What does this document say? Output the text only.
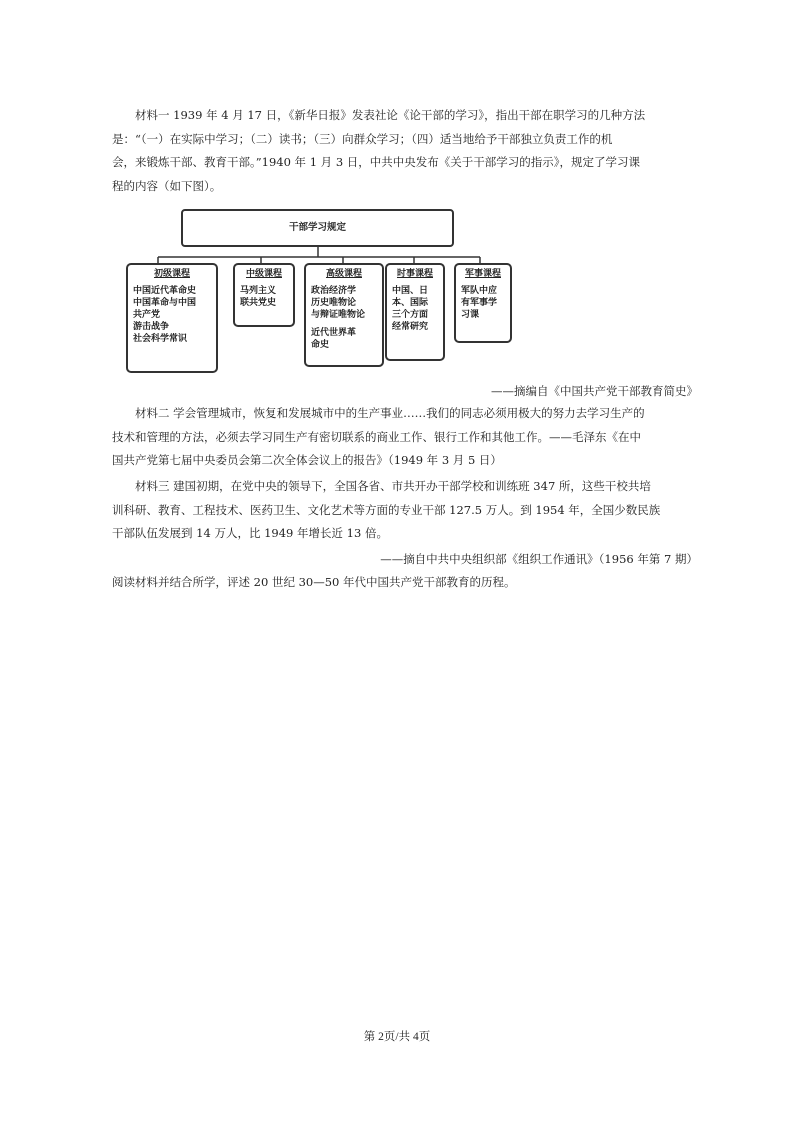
材料一 1939 年 4 月 17 日，《新华日报》发表社论《论干部的学习》，指出干部在职学习的几种方法
是：“（一）在实际中学习；（二）读书；（三）向群众学习；（四）适当地给予干部独立负责工作的机
会，来锻炼干部、教育干部。”1940 年 1 月 3 日，中共中央发布《关于干部学习的指示》，规定了学习课
程的内容（如下图）。
干部学习规定
初级课程
中国近代革命史
中国革命与中国
共产党
游击战争
社会科学常识
中级课程
马列主义
联共党史
高级课程
政治经济学
历史唯物论
与辩证唯物论
近代世界革
命史
时事课程
中国、日
本、国际
三个方面
经常研究
军事课程
军队中应
有军事学
习课
——摘编自《中国共产党干部教育简史》
材料二 学会管理城市，恢复和发展城市中的生产事业……我们的同志必须用极大的努力去学习生产的
技术和管理的方法，必须去学习同生产有密切联系的商业工作、银行工作和其他工作。——毛泽东《在中
国共产党第七届中央委员会第二次全体会议上的报告》（1949 年 3 月 5 日）
材料三 建国初期，在党中央的领导下，全国各省、市共开办干部学校和训练班 347 所，这些干校共培
训科研、教育、工程技术、医药卫生、文化艺术等方面的专业干部 127.5 万人。到 1954 年，全国少数民族
干部队伍发展到 14 万人，比 1949 年增长近 13 倍。
——摘自中共中央组织部《组织工作通讯》（1956 年第 7 期）
阅读材料并结合所学，评述 20 世纪 30—50 年代中国共产党干部教育的历程。
第 2页/共 4页
